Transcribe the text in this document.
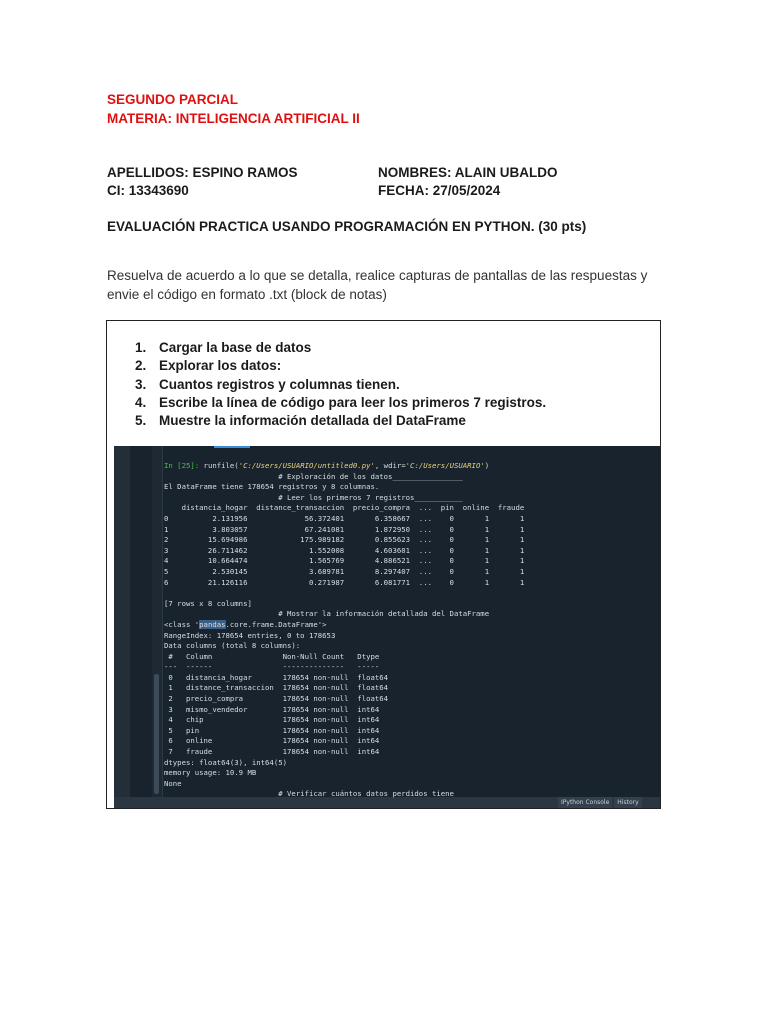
SEGUNDO PARCIAL
MATERIA: INTELIGENCIA ARTIFICIAL II
APELLIDOS: ESPINO RAMOS
CI: 13343690
NOMBRES: ALAIN UBALDO
FECHA: 27/05/2024
EVALUACIÓN PRACTICA USANDO PROGRAMACIÓN EN PYTHON. (30 pts)
Resuelva de acuerdo a lo que se detalla, realice capturas de pantallas de las respuestas y envie el código en formato .txt (block de notas)
1. Cargar la base de datos
2. Explorar los datos:
3. Cuantos registros y columnas tienen.
4. Escribe la línea de código para leer los primeros 7 registros.
5. Muestre la información detallada del DataFrame
IPython Console	History
In [25]: runfile('C:/Users/USUARIO/untitled0.py', wdir='C:/Users/USUARIO')
# Exploración de los datos________________
El DataFrame tiene 178654 registros y 8 columnas.
# Leer los primeros 7 registros___________
distancia_hogar  distance_transaccion  precio_compra  ...  pin  online  fraude
0          2.131956             56.372401       6.358667  ...    0       1       1
1          3.803057             67.241081       1.872950  ...    0       1       1
2         15.694986            175.989182       0.855623  ...    0       1       1
3         26.711462              1.552008       4.603601  ...    0       1       1
4         10.664474              1.565769       4.886521  ...    0       1       1
5          2.530145              3.689781       8.297407  ...    0       1       1
6         21.126116              0.271987       6.081771  ...    0       1       1

[7 rows x 8 columns]
# Mostrar la información detallada del DataFrame
<class 'pandas.core.frame.DataFrame'>
RangeIndex: 178654 entries, 0 to 178653
Data columns (total 8 columns):
#   Column                Non-Null Count   Dtype
---  ------                --------------   -----
0   distancia_hogar       178654 non-null  float64
1   distance_transaccion  178654 non-null  float64
2   precio_compra         178654 non-null  float64
3   mismo_vendedor        178654 non-null  int64
4   chip                  178654 non-null  int64
5   pin                   178654 non-null  int64
6   online                178654 non-null  int64
7   fraude                178654 non-null  int64
dtypes: float64(3), int64(5)
memory usage: 10.9 MB
None
# Verificar cuántos datos perdidos tiene
